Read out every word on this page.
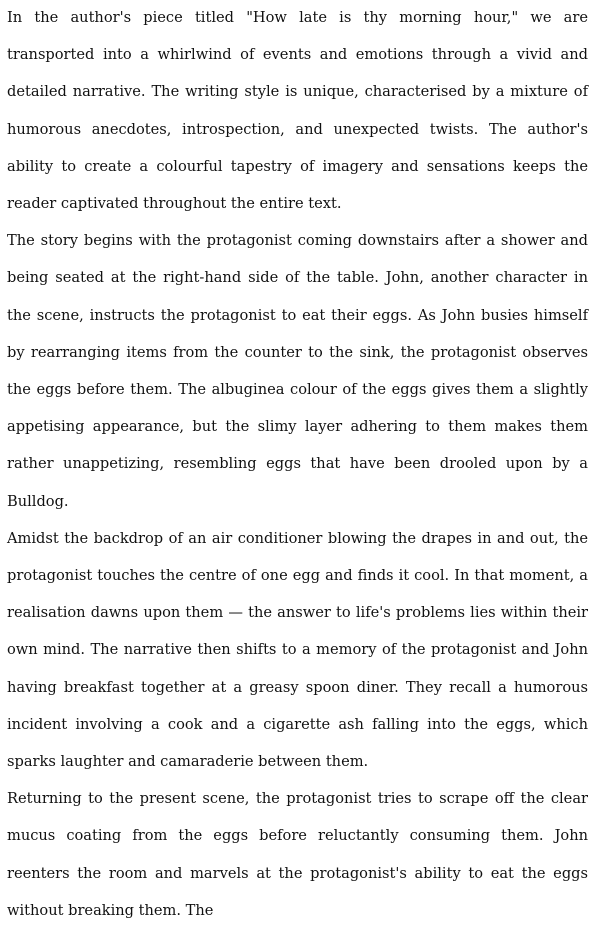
In the author's piece titled "How late is thy morning hour," we are transported into a whirlwind of events and emotions through a vivid and detailed narrative. The writing style is unique, characterised by a mixture of humorous anecdotes, introspection, and unexpected twists. The author's ability to create a colourful tapestry of imagery and sensations keeps the reader captivated throughout the entire text.

The story begins with the protagonist coming downstairs after a shower and being seated at the right-hand side of the table. John, another character in the scene, instructs the protagonist to eat their eggs. As John busies himself by rearranging items from the counter to the sink, the protagonist observes the eggs before them. The albuginea colour of the eggs gives them a slightly appetising appearance, but the slimy layer adhering to them makes them rather unappetizing, resembling eggs that have been drooled upon by a Bulldog.

Amidst the backdrop of an air conditioner blowing the drapes in and out, the protagonist touches the centre of one egg and finds it cool. In that moment, a realisation dawns upon them — the answer to life's problems lies within their own mind. The narrative then shifts to a memory of the protagonist and John having breakfast together at a greasy spoon diner. They recall a humorous incident involving a cook and a cigarette ash falling into the eggs, which sparks laughter and camaraderie between them.

Returning to the present scene, the protagonist tries to scrape off the clear mucus coating from the eggs before reluctantly consuming them. John reenters the room and marvels at the protagonist's ability to eat the eggs without breaking them. The
